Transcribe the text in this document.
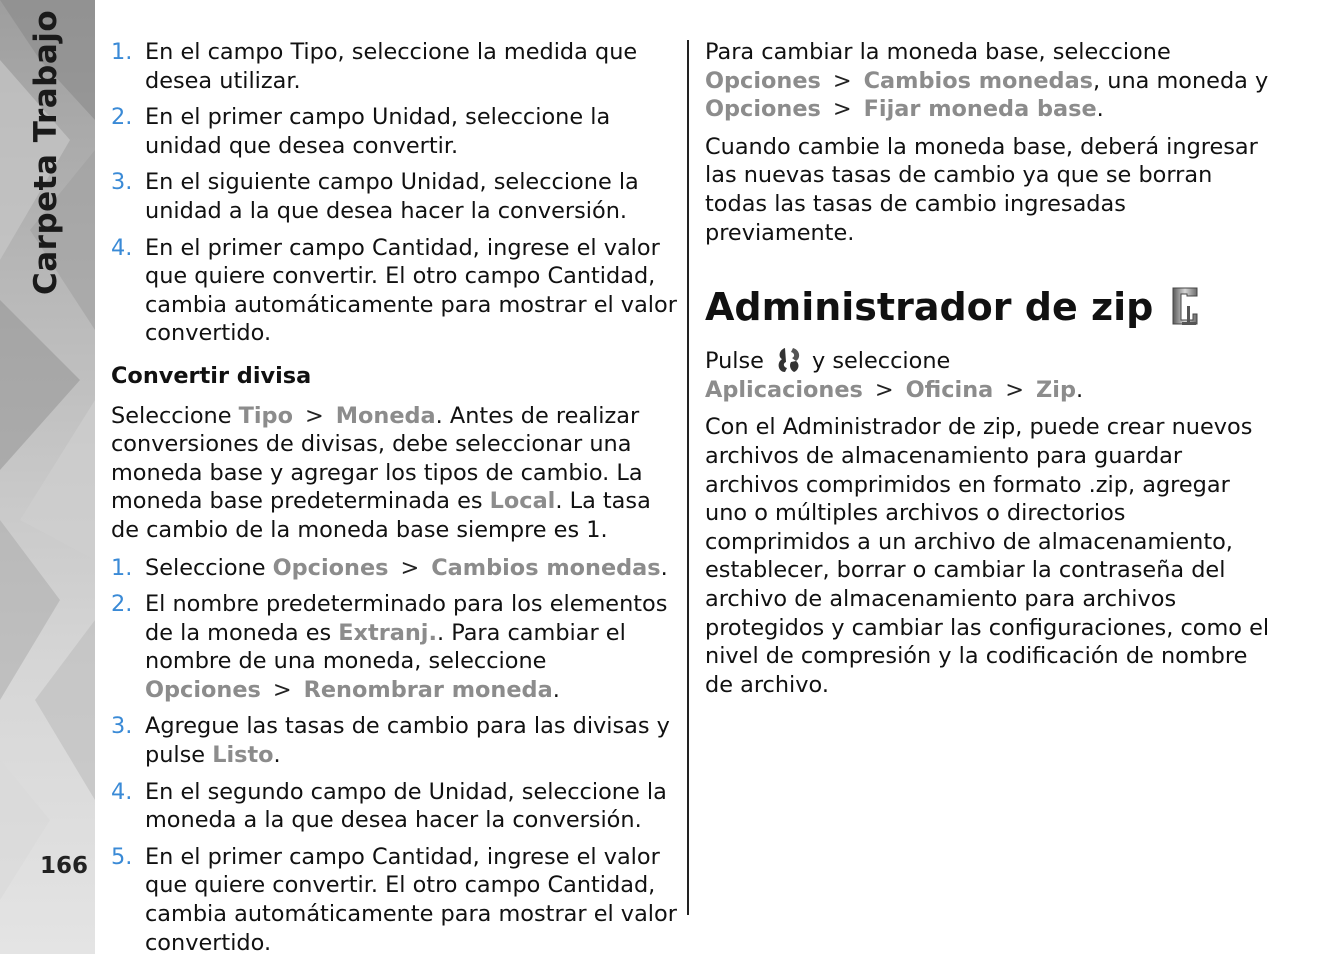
Carpeta Trabajo
166
1. En el campo Tipo, seleccione la medida que desea utilizar.
2. En el primer campo Unidad, seleccione la unidad que desea convertir.
3. En el siguiente campo Unidad, seleccione la unidad a la que desea hacer la conversión.
4. En el primer campo Cantidad, ingrese el valor que quiere convertir. El otro campo Cantidad, cambia automáticamente para mostrar el valor convertido.
Convertir divisa

Seleccione Tipo > Moneda. Antes de realizar conversiones de divisas, debe seleccionar una moneda base y agregar los tipos de cambio. La moneda base predeterminada es Local. La tasa de cambio de la moneda base siempre es 1.

1. Seleccione Opciones > Cambios monedas.
2. El nombre predeterminado para los elementos de la moneda es Extranj.. Para cambiar el nombre de una moneda, seleccione Opciones > Renombrar moneda.
3. Agregue las tasas de cambio para las divisas y pulse Listo.
4. En el segundo campo de Unidad, seleccione la moneda a la que desea hacer la conversión.
5. En el primer campo Cantidad, ingrese el valor que quiere convertir. El otro campo Cantidad, cambia automáticamente para mostrar el valor convertido.

Para cambiar la moneda base, seleccione Opciones > Cambios monedas, una moneda y Opciones > Fijar moneda base.

Cuando cambie la moneda base, deberá ingresar las nuevas tasas de cambio ya que se borran todas las tasas de cambio ingresadas previamente.

Administrador de zip

Pulse y seleccione Aplicaciones > Oficina > Zip.

Con el Administrador de zip, puede crear nuevos archivos de almacenamiento para guardar archivos comprimidos en formato .zip, agregar uno o múltiples archivos o directorios comprimidos a un archivo de almacenamiento, establecer, borrar o cambiar la contraseña del archivo de almacenamiento para archivos protegidos y cambiar las configuraciones, como el nivel de compresión y la codificación de nombre de archivo.
